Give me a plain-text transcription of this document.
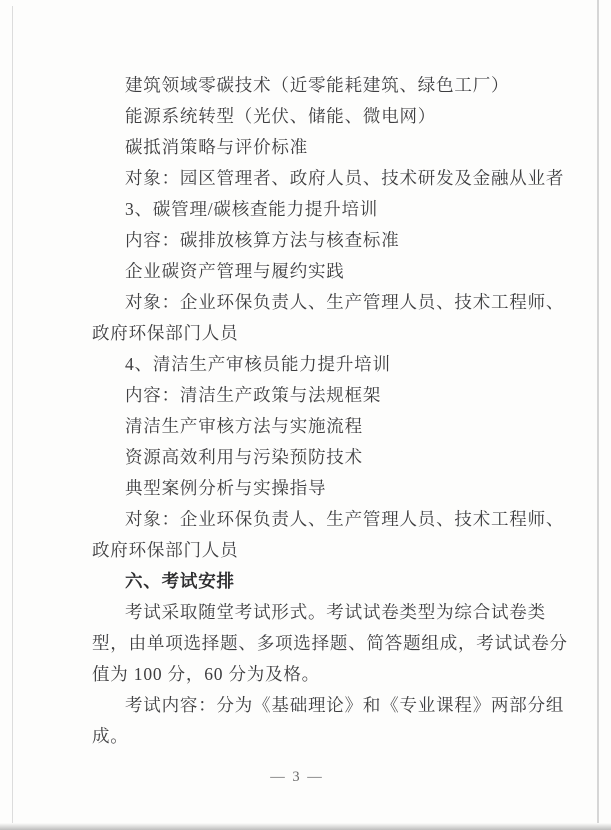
建筑领域零碳技术（近零能耗建筑、绿色工厂）
能源系统转型（光伏、储能、微电网）
碳抵消策略与评价标准
对象：园区管理者、政府人员、技术研发及金融从业者
3、碳管理/碳核查能力提升培训
内容：碳排放核算方法与核查标准
企业碳资产管理与履约实践
对象：企业环保负责人、生产管理人员、技术工程师、
政府环保部门人员
4、清洁生产审核员能力提升培训
内容：清洁生产政策与法规框架
清洁生产审核方法与实施流程
资源高效利用与污染预防技术
典型案例分析与实操指导
对象：企业环保负责人、生产管理人员、技术工程师、
政府环保部门人员
六、考试安排
考试采取随堂考试形式。考试试卷类型为综合试卷类
型，由单项选择题、多项选择题、简答题组成，考试试卷分
值为 100 分，60 分为及格。
考试内容：分为《基础理论》和《专业课程》两部分组
成。
— 3 —
